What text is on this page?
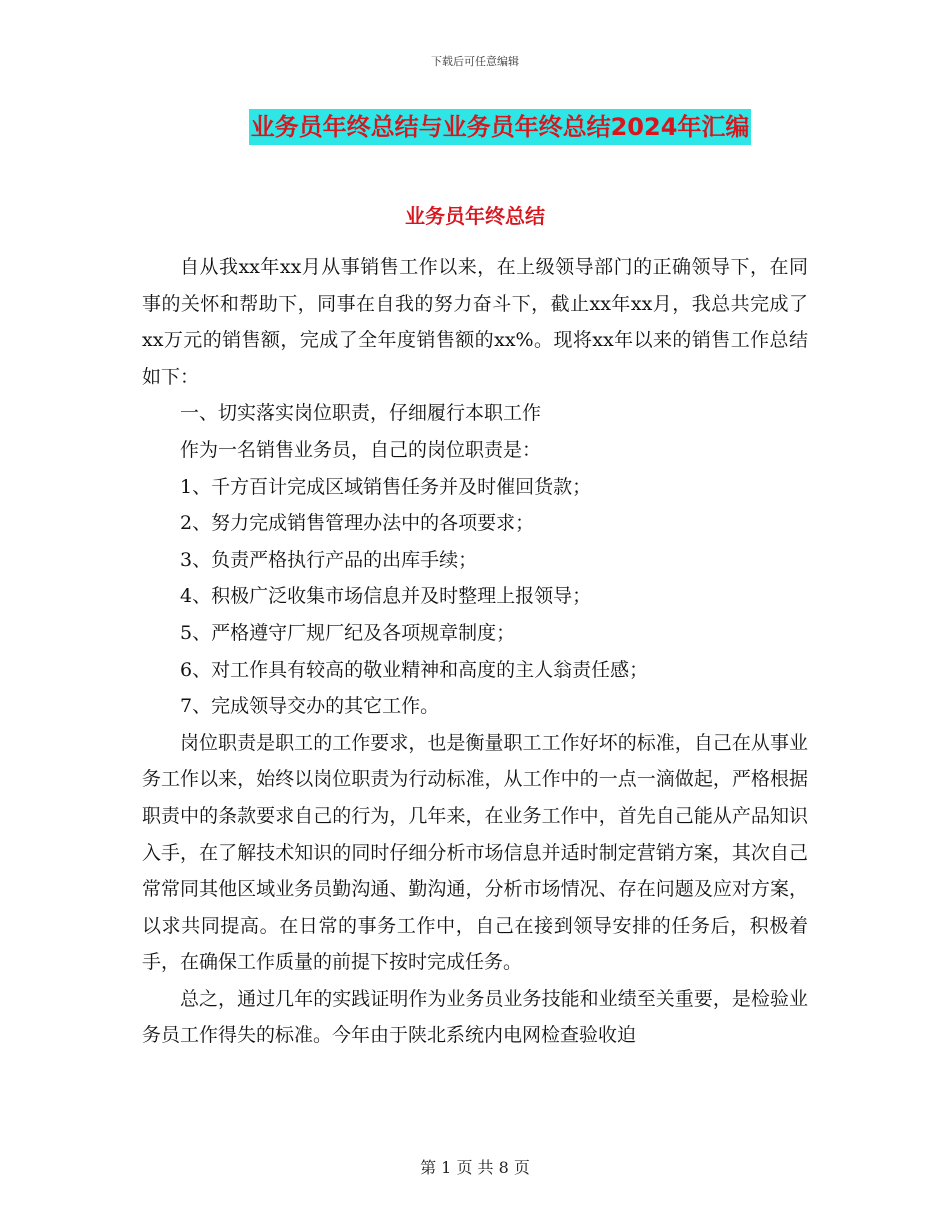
下载后可任意编辑
业务员年终总结与业务员年终总结2024年汇编
业务员年终总结

自从我xx年xx月从事销售工作以来，在上级领导部门的正确领导下，在同事的关怀和帮助下，同事在自我的努力奋斗下，截止xx年xx月，我总共完成了xx万元的销售额，完成了全年度销售额的xx%。现将xx年以来的销售工作总结如下：

一、切实落实岗位职责，仔细履行本职工作

作为一名销售业务员，自己的岗位职责是：

1、千方百计完成区域销售任务并及时催回货款；

2、努力完成销售管理办法中的各项要求；

3、负责严格执行产品的出库手续；

4、积极广泛收集市场信息并及时整理上报领导；

5、严格遵守厂规厂纪及各项规章制度；

6、对工作具有较高的敬业精神和高度的主人翁责任感；

7、完成领导交办的其它工作。

岗位职责是职工的工作要求，也是衡量职工工作好坏的标准，自己在从事业务工作以来，始终以岗位职责为行动标准，从工作中的一点一滴做起，严格根据职责中的条款要求自己的行为，几年来，在业务工作中，首先自己能从产品知识入手，在了解技术知识的同时仔细分析市场信息并适时制定营销方案，其次自己常常同其他区域业务员勤沟通、勤沟通，分析市场情况、存在问题及应对方案，以求共同提高。在日常的事务工作中，自己在接到领导安排的任务后，积极着手，在确保工作质量的前提下按时完成任务。

总之，通过几年的实践证明作为业务员业务技能和业绩至关重要，是检验业务员工作得失的标准。今年由于陕北系统内电网检查验收迫

第 1 页 共 8 页
